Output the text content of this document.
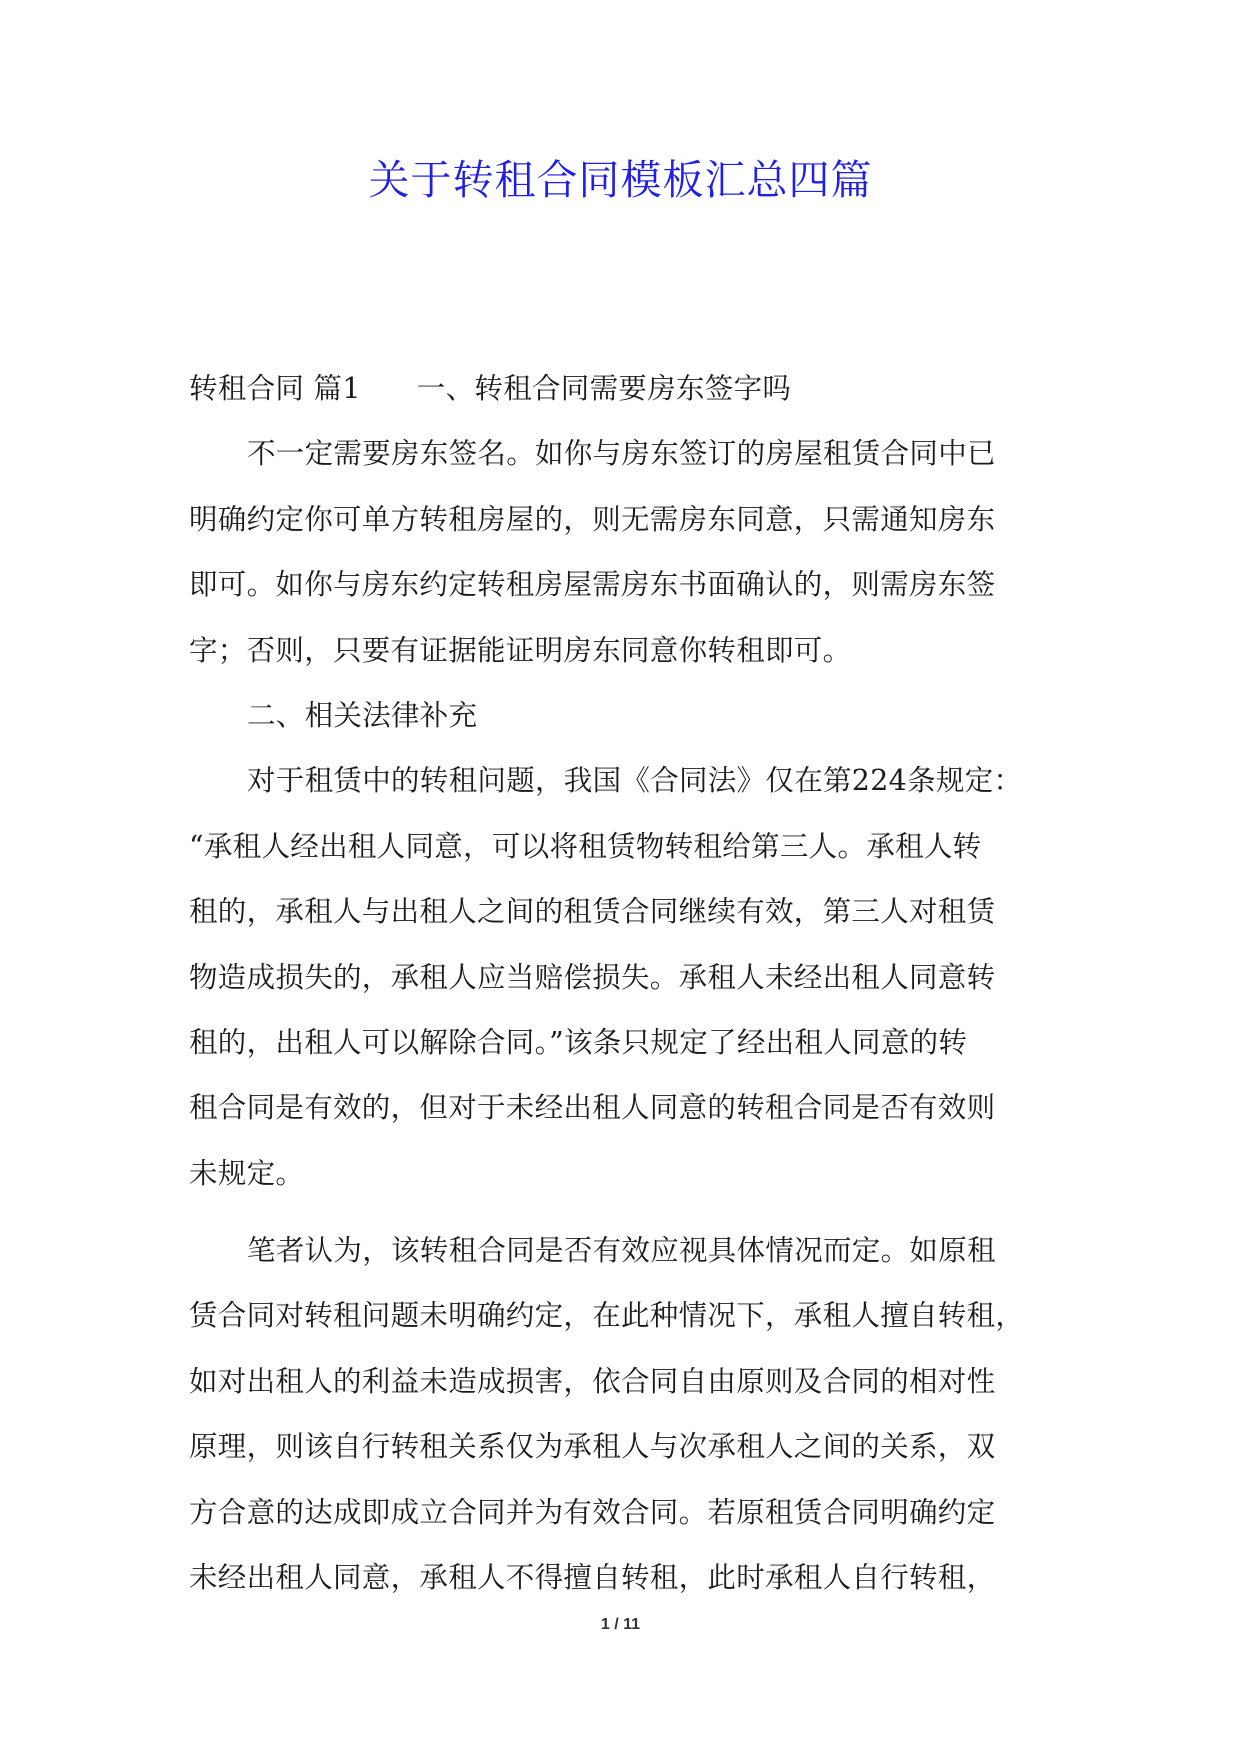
关于转租合同模板汇总四篇
转租合同 篇1 一、转租合同需要房东签字吗
不一定需要房东签名。如你与房东签订的房屋租赁合同中已
明确约定你可单方转租房屋的，则无需房东同意，只需通知房东
即可。如你与房东约定转租房屋需房东书面确认的，则需房东签
字；否则，只要有证据能证明房东同意你转租即可。
二、相关法律补充
对于租赁中的转租问题，我国《合同法》仅在第224条规定：
“承租人经出租人同意，可以将租赁物转租给第三人。承租人转
租的，承租人与出租人之间的租赁合同继续有效，第三人对租赁
物造成损失的，承租人应当赔偿损失。承租人未经出租人同意转
租的，出租人可以解除合同。”该条只规定了经出租人同意的转
租合同是有效的，但对于未经出租人同意的转租合同是否有效则
未规定。
笔者认为，该转租合同是否有效应视具体情况而定。如原租
赁合同对转租问题未明确约定，在此种情况下，承租人擅自转租，
如对出租人的利益未造成损害，依合同自由原则及合同的相对性
原理，则该自行转租关系仅为承租人与次承租人之间的关系，双
方合意的达成即成立合同并为有效合同。若原租赁合同明确约定
未经出租人同意，承租人不得擅自转租，此时承租人自行转租，
1 / 11
